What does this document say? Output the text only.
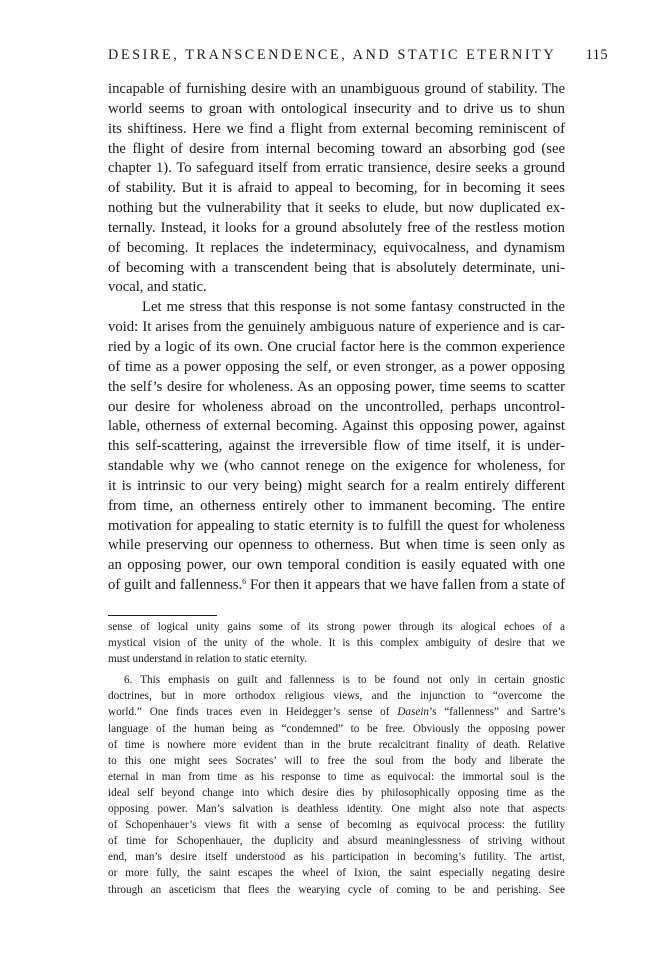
DESIRE, TRANSCENDENCE, AND STATIC ETERNITY 115
incapable of furnishing desire with an unambiguous ground of stability. The
world seems to groan with ontological insecurity and to drive us to shun
its shiftiness. Here we find a flight from external becoming reminiscent of
the flight of desire from internal becoming toward an absorbing god (see
chapter 1). To safeguard itself from erratic transience, desire seeks a ground
of stability. But it is afraid to appeal to becoming, for in becoming it sees
nothing but the vulnerability that it seeks to elude, but now duplicated ex-
ternally. Instead, it looks for a ground absolutely free of the restless motion
of becoming. It replaces the indeterminacy, equivocalness, and dynamism
of becoming with a transcendent being that is absolutely determinate, uni-
vocal, and static.
Let me stress that this response is not some fantasy constructed in the
void: It arises from the genuinely ambiguous nature of experience and is car-
ried by a logic of its own. One crucial factor here is the common experience
of time as a power opposing the self, or even stronger, as a power opposing
the self’s desire for wholeness. As an opposing power, time seems to scatter
our desire for wholeness abroad on the uncontrolled, perhaps uncontrol-
lable, otherness of external becoming. Against this opposing power, against
this self-scattering, against the irreversible flow of time itself, it is under-
standable why we (who cannot renege on the exigence for wholeness, for
it is intrinsic to our very being) might search for a realm entirely different
from time, an otherness entirely other to immanent becoming. The entire
motivation for appealing to static eternity is to fulfill the quest for wholeness
while preserving our openness to otherness. But when time is seen only as
an opposing power, our own temporal condition is easily equated with one
of guilt and fallenness.$^6$ For then it appears that we have fallen from a state of
sense of logical unity gains some of its strong power through its alogical echoes of a
mystical vision of the unity of the whole. It is this complex ambiguity of desire that we
must understand in relation to static eternity.
6. This emphasis on guilt and fallenness is to be found not only in certain gnostic
doctrines, but in more orthodox religious views, and the injunction to “overcome the
world.” One finds traces even in Heidegger’s sense of Dasein’s “fallenness” and Sartre’s
language of the human being as “condemned” to be free. Obviously the opposing power
of time is nowhere more evident than in the brute recalcitrant finality of death. Relative
to this one might sees Socrates’ will to free the soul from the body and liberate the
eternal in man from time as his response to time as equivocal: the immortal soul is the
ideal self beyond change into which desire dies by philosophically opposing time as the
opposing power. Man’s salvation is deathless identity. One might also note that aspects
of Schopenhauer’s views fit with a sense of becoming as equivocal process: the futility
of time for Schopenhauer, the duplicity and absurd meaninglessness of striving without
end, man’s desire itself understood as his participation in becoming’s futility. The artist,
or more fully, the saint escapes the wheel of Ixion, the saint especially negating desire
through an asceticism that flees the wearying cycle of coming to be and perishing. See
